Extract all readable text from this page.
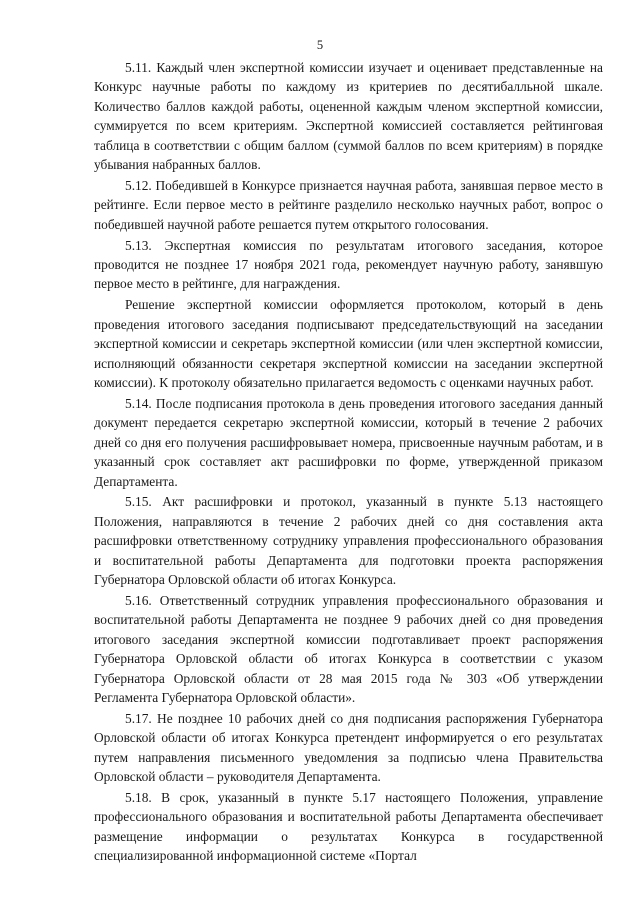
5

5.11. Каждый член экспертной комиссии изучает и оценивает представленные на Конкурс научные работы по каждому из критериев по десятибалльной шкале. Количество баллов каждой работы, оцененной каждым членом экспертной комиссии, суммируется по всем критериям. Экспертной комиссией составляется рейтинговая таблица в соответствии с общим баллом (суммой баллов по всем критериям) в порядке убывания набранных баллов.

5.12. Победившей в Конкурсе признается научная работа, занявшая первое место в рейтинге. Если первое место в рейтинге разделило несколько научных работ, вопрос о победившей научной работе решается путем открытого голосования.

5.13. Экспертная комиссия по результатам итогового заседания, которое проводится не позднее 17 ноября 2021 года, рекомендует научную работу, занявшую первое место в рейтинге, для награждения.

Решение экспертной комиссии оформляется протоколом, который в день проведения итогового заседания подписывают председательствующий на заседании экспертной комиссии и секретарь экспертной комиссии (или член экспертной комиссии, исполняющий обязанности секретаря экспертной комиссии на заседании экспертной комиссии). К протоколу обязательно прилагается ведомость с оценками научных работ.

5.14. После подписания протокола в день проведения итогового заседания данный документ передается секретарю экспертной комиссии, который в течение 2 рабочих дней со дня его получения расшифровывает номера, присвоенные научным работам, и в указанный срок составляет акт расшифровки по форме, утвержденной приказом Департамента.

5.15. Акт расшифровки и протокол, указанный в пункте 5.13 настоящего Положения, направляются в течение 2 рабочих дней со дня составления акта расшифровки ответственному сотруднику управления профессионального образования и воспитательной работы Департамента для подготовки проекта распоряжения Губернатора Орловской области об итогах Конкурса.

5.16. Ответственный сотрудник управления профессионального образования и воспитательной работы Департамента не позднее 9 рабочих дней со дня проведения итогового заседания экспертной комиссии подготавливает проект распоряжения Губернатора Орловской области об итогах Конкурса в соответствии с указом Губернатора Орловской области от 28 мая 2015 года № 303 «Об утверждении Регламента Губернатора Орловской области».

5.17. Не позднее 10 рабочих дней со дня подписания распоряжения Губернатора Орловской области об итогах Конкурса претендент информируется о его результатах путем направления письменного уведомления за подписью члена Правительства Орловской области – руководителя Департамента.

5.18. В срок, указанный в пункте 5.17 настоящего Положения, управление профессионального образования и воспитательной работы Департамента обеспечивает размещение информации о результатах Конкурса в государственной специализированной информационной системе «Портал
